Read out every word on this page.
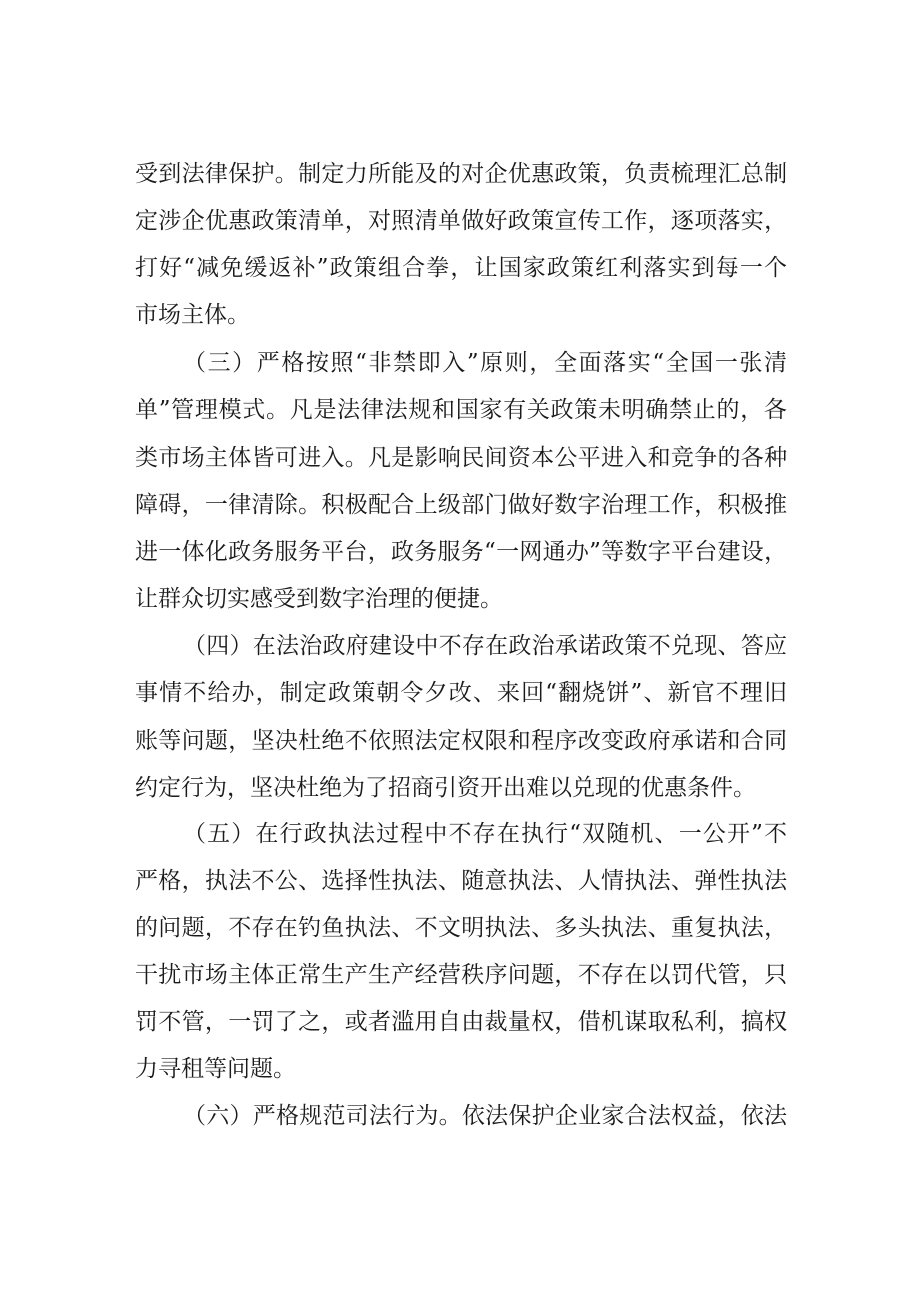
受到法律保护。制定力所能及的对企优惠政策，负责梳理汇总制
定涉企优惠政策清单，对照清单做好政策宣传工作，逐项落实，
打好“减免缓返补”政策组合拳，让国家政策红利落实到每一个
市场主体。
（三）严格按照“非禁即入”原则，全面落实“全国一张清
单”管理模式。凡是法律法规和国家有关政策未明确禁止的，各
类市场主体皆可进入。凡是影响民间资本公平进入和竞争的各种
障碍，一律清除。积极配合上级部门做好数字治理工作，积极推
进一体化政务服务平台，政务服务“一网通办”等数字平台建设，
让群众切实感受到数字治理的便捷。
（四）在法治政府建设中不存在政治承诺政策不兑现、答应
事情不给办，制定政策朝令夕改、来回“翻烧饼”、新官不理旧
账等问题，坚决杜绝不依照法定权限和程序改变政府承诺和合同
约定行为，坚决杜绝为了招商引资开出难以兑现的优惠条件。
（五）在行政执法过程中不存在执行“双随机、一公开”不
严格，执法不公、选择性执法、随意执法、人情执法、弹性执法
的问题，不存在钓鱼执法、不文明执法、多头执法、重复执法，
干扰市场主体正常生产生产经营秩序问题，不存在以罚代管，只
罚不管，一罚了之，或者滥用自由裁量权，借机谋取私利，搞权
力寻租等问题。
（六）严格规范司法行为。依法保护企业家合法权益，依法
